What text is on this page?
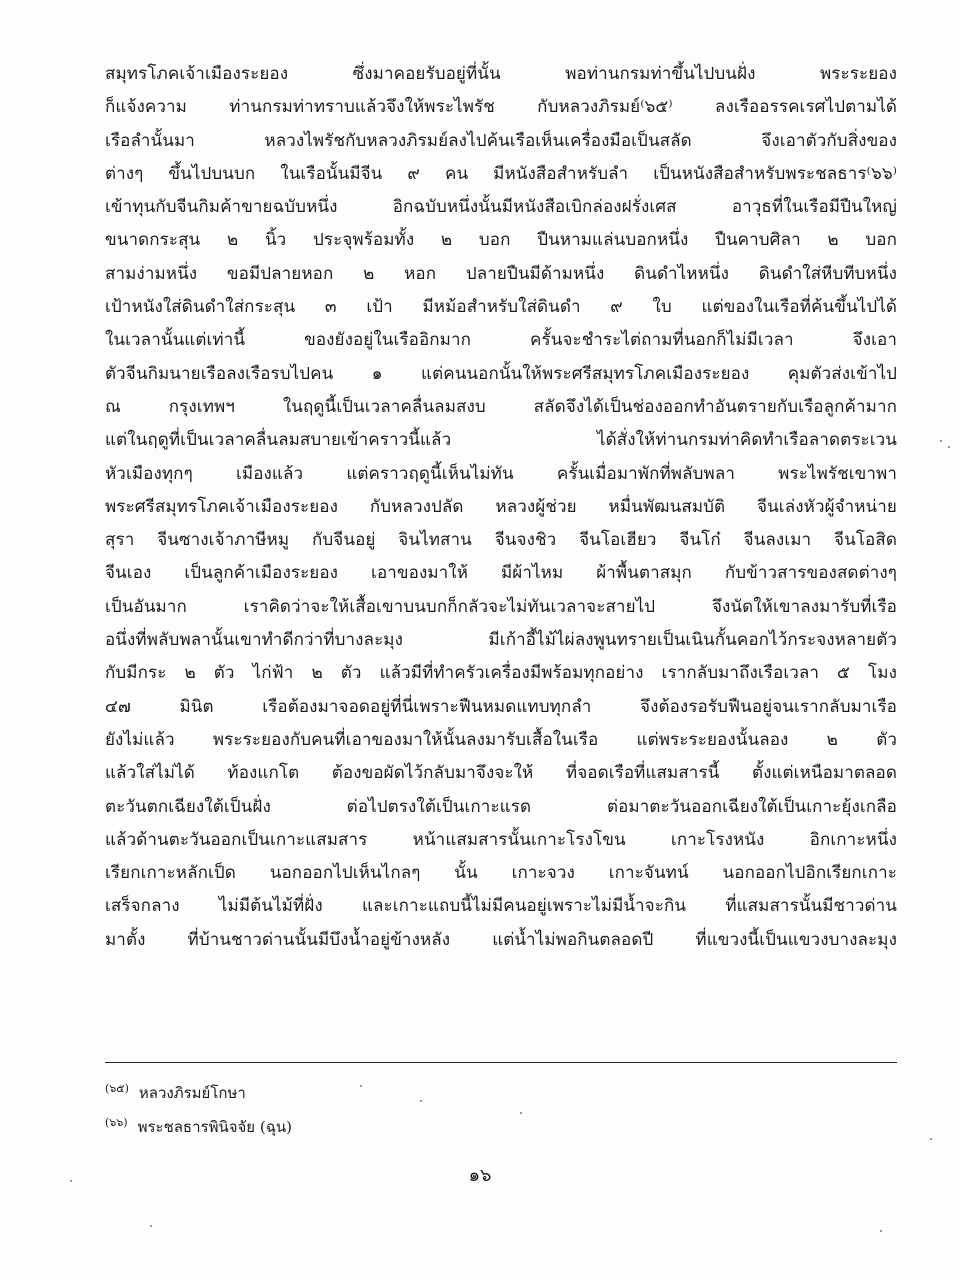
สมุทรโภคเจ้าเมืองระยอง ซึ่งมาคอยรับอยู่ที่นั้น พอท่านกรมท่าขึ้นไปบนฝั่ง พระระยอง
ก็แจ้งความ ท่านกรมท่าทราบแล้วจึงให้พระไพรัช กับหลวงภิรมย์⁽๖๕⁾ ลงเรืออรรคเรศไปตามได้
เรือลำนั้นมา หลวงไพรัชกับหลวงภิรมย์ลงไปค้นเรือเห็นเครื่องมือเป็นสลัด จึงเอาตัวกับสิ่งของ
ต่างๆ ขึ้นไปบนบก ในเรือนั้นมีจีน ๙ คน มีหนังสือสำหรับลำ เป็นหนังสือสำหรับพระชลธาร⁽๖๖⁾
เข้าทุนกับจีนกิมค้าขายฉบับหนึ่ง อิกฉบับหนึ่งนั้นมีหนังสือเบิกล่องฝรั่งเศส อาวุธที่ในเรือมีปืนใหญ่
ขนาดกระสุน ๒ นิ้ว ประจุพร้อมทั้ง ๒ บอก ปืนหามแล่นบอกหนึ่ง ปืนคาบศิลา ๒ บอก
สามง่ามหนึ่ง ขอมีปลายหอก ๒ หอก ปลายปืนมีด้ามหนึ่ง ดินดำไหหนึ่ง ดินดำใส่หีบทีบหนึ่ง
เป้าหนังใส่ดินดำใส่กระสุน ๓ เป้า มีหม้อสำหรับใส่ดินดำ ๙ ใบ แต่ของในเรือที่ค้นขึ้นไปได้
ในเวลานั้นแต่เท่านี้ ของยังอยู่ในเรืออิกมาก ครั้นจะชำระไต่ถามที่นอกก็ไม่มีเวลา จึงเอา
ตัวจีนกิมนายเรือลงเรือรบไปคน ๑ แต่คนนอกนั้นให้พระศรีสมุทรโภคเมืองระยอง คุมตัวส่งเข้าไป
ณ กรุงเทพฯ ในฤดูนี้เป็นเวลาคลื่นลมสงบ สลัดจึงได้เป็นช่องออกทำอันตรายกับเรือลูกค้ามาก
แต่ในฤดูที่เป็นเวลาคลื่นลมสบายเข้าคราวนี้แล้ว ได้สั่งให้ท่านกรมท่าคิดทำเรือลาดตระเวน
หัวเมืองทุกๆ เมืองแล้ว แต่คราวฤดูนี้เห็นไม่ทัน ครั้นเมื่อมาพักที่พลับพลา พระไพรัชเขาพา
พระศรีสมุทรโภคเจ้าเมืองระยอง กับหลวงปลัด หลวงผู้ช่วย หมื่นพัฒนสมบัติ จีนเล่งหัวผู้จำหน่าย
สุรา จีนซางเจ้าภาษีหมู กับจีนอยู่ จินไทสาน จีนจงชิว จีนโอเฮียว จีนโก๋ จีนลงเมา จีนโอสิด
จีนเอง เป็นลูกค้าเมืองระยอง เอาของมาให้ มีผ้าไหม ผ้าพื้นตาสมุก กับข้าวสารของสดต่างๆ
เป็นอันมาก เราคิดว่าจะให้เสื้อเขาบนบกก็กลัวจะไม่ทันเวลาจะสายไป จึงนัดให้เขาลงมารับที่เรือ
อนึ่งที่พลับพลานั้นเขาทำดีกว่าที่บางละมุง มีเก้าอี้ไม้ไผ่ลงพูนทรายเป็นเนินกั้นคอกไว้กระจงหลายตัว
กับมีกระ ๒ ตัว ไก่ฟ้า ๒ ตัว แล้วมีที่ทำครัวเครื่องมีพร้อมทุกอย่าง เรากลับมาถึงเรือเวลา ๕ โมง
๔๗ มินิต เรือต้องมาจอดอยู่ที่นี่เพราะฟืนหมดแทบทุกลำ จึงต้องรอรับฟืนอยู่จนเรากลับมาเรือ
ยังไม่แล้ว พระระยองกับคนที่เอาของมาให้นั้นลงมารับเสื้อในเรือ แต่พระระยองนั้นลอง ๒ ตัว
แล้วใส่ไม่ได้ ท้องแกโต ต้องขอผัดไว้กลับมาจึงจะให้ ที่จอดเรือที่แสมสารนี้ ตั้งแต่เหนือมาตลอด
ตะวันตกเฉียงใต้เป็นฝั่ง ต่อไปตรงใต้เป็นเกาะแรด ต่อมาตะวันออกเฉียงใต้เป็นเกาะยุ้งเกลือ
แล้วด้านตะวันออกเป็นเกาะแสมสาร หน้าแสมสารนั้นเกาะโรงโขน เกาะโรงหนัง อิกเกาะหนึ่ง
เรียกเกาะหลักเป็ด นอกออกไปเห็นไกลๆ นั้น เกาะจวง เกาะจันทน์ นอกออกไปอิกเรียกเกาะ
เสร็จกลาง ไม่มีต้นไม้ที่ฝั่ง และเกาะแถบนี้ไม่มีคนอยู่เพราะไม่มีน้ำจะกิน ที่แสมสารนั้นมีชาวด่าน
มาตั้ง ที่บ้านชาวด่านนั้นมีบึงน้ำอยู่ข้างหลัง แต่น้ำไม่พอกินตลอดปี ที่แขวงนี้เป็นแขวงบางละมุง
$^{(๖๕)}$ หลวงภิรมย์โกษา
$^{(๖๖)}$ พระชลธารพินิจจัย (ฉุน)
๑๖
